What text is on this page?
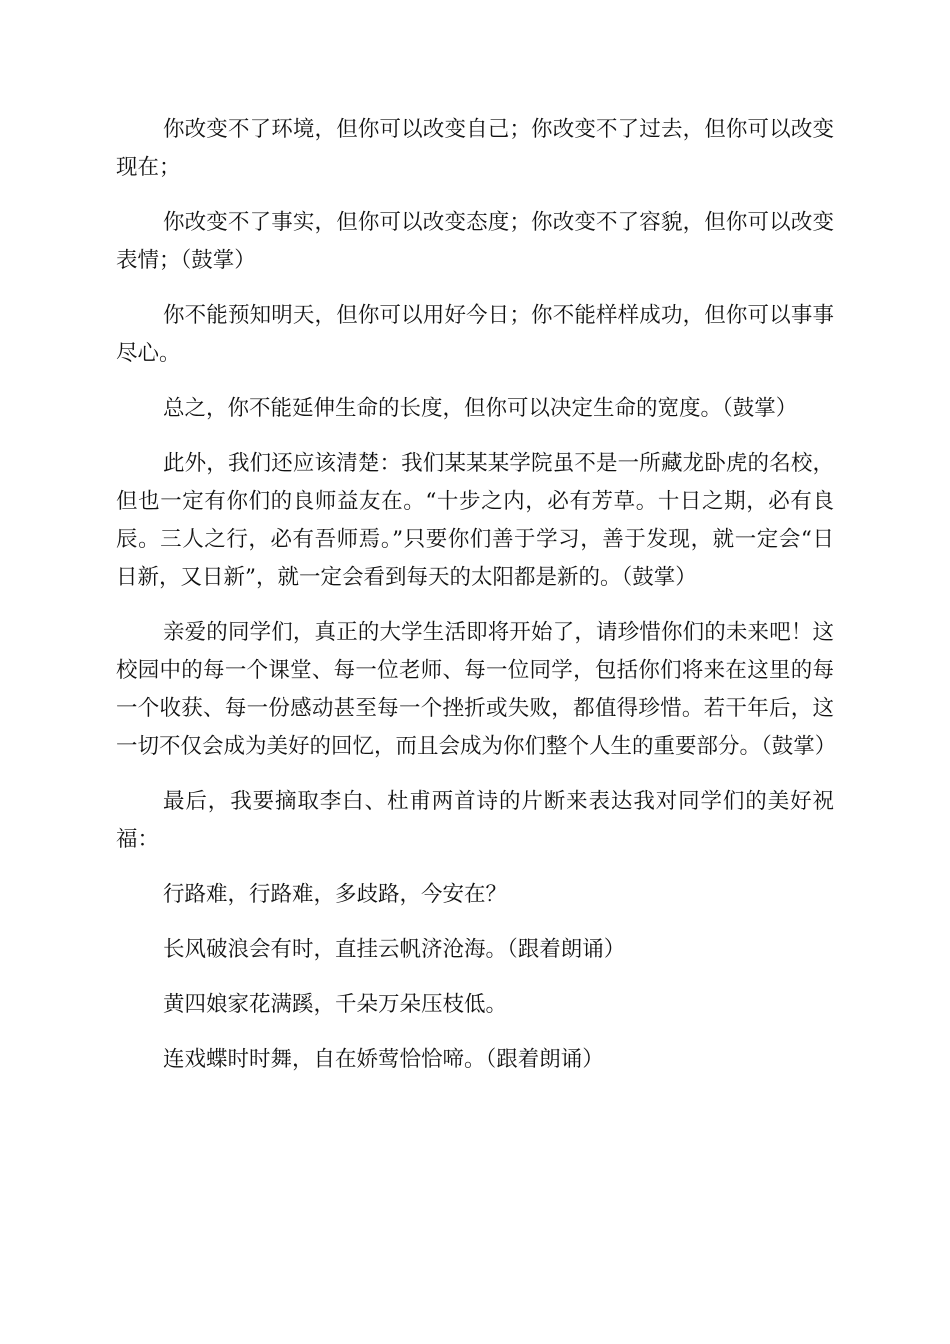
你改变不了环境，但你可以改变自己；你改变不了过去，但你可以改变现在；

你改变不了事实，但你可以改变态度；你改变不了容貌，但你可以改变表情；（鼓掌）

你不能预知明天，但你可以用好今日；你不能样样成功，但你可以事事尽心。

总之，你不能延伸生命的长度，但你可以决定生命的宽度。（鼓掌）

此外，我们还应该清楚：我们某某某学院虽不是一所藏龙卧虎的名校，但也一定有你们的良师益友在。“十步之内，必有芳草。十日之期，必有良辰。三人之行，必有吾师焉。”只要你们善于学习，善于发现，就一定会“日日新，又日新”，就一定会看到每天的太阳都是新的。（鼓掌）

亲爱的同学们，真正的大学生活即将开始了，请珍惜你们的未来吧！这校园中的每一个课堂、每一位老师、每一位同学，包括你们将来在这里的每一个收获、每一份感动甚至每一个挫折或失败，都值得珍惜。若干年后，这一切不仅会成为美好的回忆，而且会成为你们整个人生的重要部分。（鼓掌）

最后，我要摘取李白、杜甫两首诗的片断来表达我对同学们的美好祝福：

行路难，行路难，多歧路，今安在？

长风破浪会有时，直挂云帆济沧海。（跟着朗诵）

黄四娘家花满蹊，千朵万朵压枝低。

连戏蝶时时舞，自在娇莺恰恰啼。（跟着朗诵）
